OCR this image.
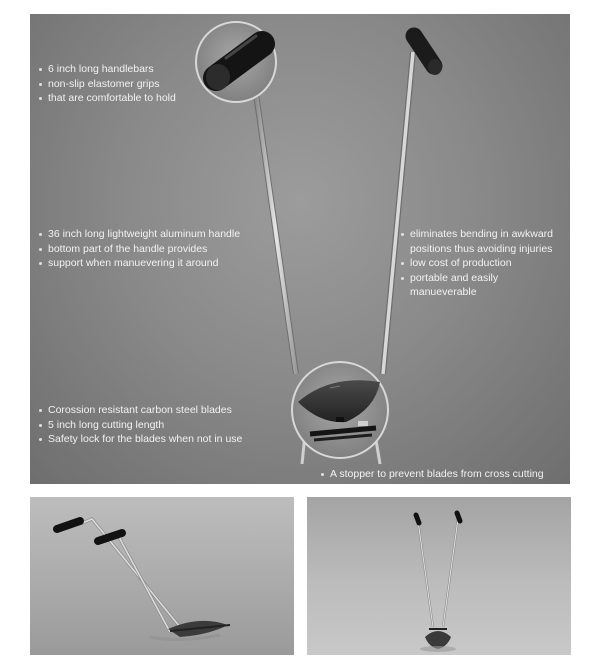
6 inch long handlebars
non-slip elastomer grips
that are comfortable to hold
36 inch long lightweight aluminum handle
bottom part of the handle provides
support when manuevering it around
eliminates bending in awkward positions thus avoiding injuries
low cost of production
portable and easily manueverable
Corossion resistant carbon steel blades
5 inch long cutting length
Safety lock for the blades when not in use
A stopper to prevent blades from cross cutting
